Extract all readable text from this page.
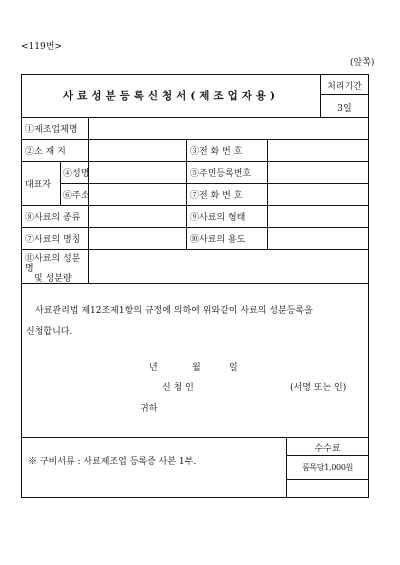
<119번>
(앞쪽)
사료성분등록신청서(제조업자용)
처리기간
3일
①제조업체명
②소 재 지	③전 화 번 호
대표자
④성명	⑤주민등록번호
⑥주소	⑦전 화 번 호
⑧사료의 종류	⑨사료의 형태
⑦사료의 명칭	⑩사료의 용도
⑪사료의 성분명
및 성분량
사료관리법 제12조제1항의 규정에 의하여 위와같이 사료의 성분등록을
신청합니다.
년	월	일
신 청 인	(서명 또는 인)
귀하
※ 구비서류 : 사료제조업 등록증 사본 1부.
수수료
품목당1,000원
